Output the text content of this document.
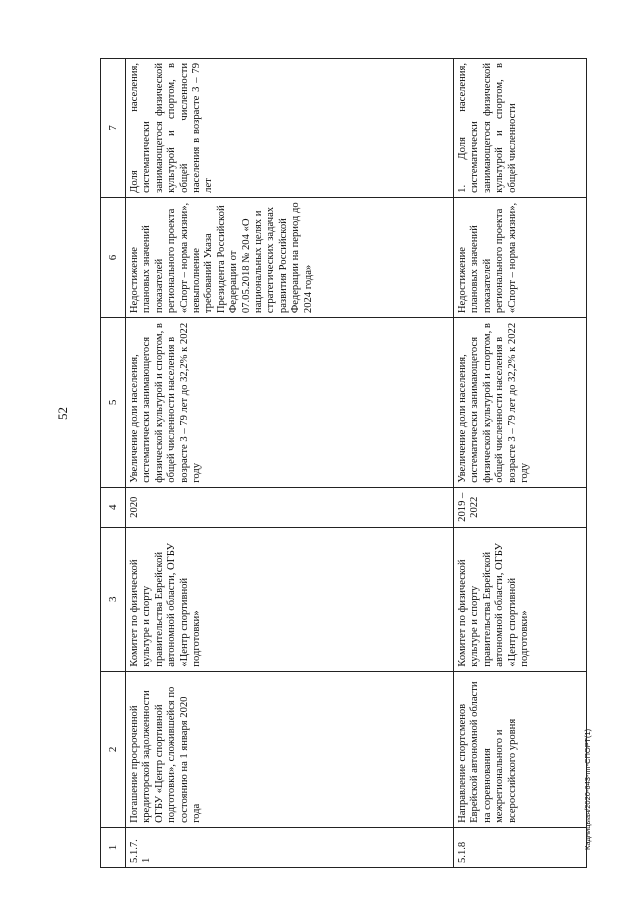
52
Кадницыая/2020-643-пп-СПОРТ(1)
1	2	3	4	5	6	7
5.1.7. 1	Погашение просроченной кредиторской задолженности ОГБУ «Центр спортивной подготовки», сложившейся по состоянию на 1 января 2020 года	Комитет по физической культуре и спорту правительства Еврейской автономной области, ОГБУ «Центр спортивной подготовки»	2020	Увеличение доли населения, систематически занимающегося физической культурой и спортом, в общей численности населения в возрасте 3 – 79 лет до 32,2% к 2022 году	Недостижение плановых значений показателей регионального проекта «Спорт – норма жизни», невыполнение требований Указа Президента Российской Федерации от 07.05.2018 № 204 «О национальных целях и стратегических задачах развития Российской Федерации на период до 2024 года»	Доля населения, систематически занимающегося физической культурой и спортом, в общей численности населения в возрасте 3 – 79 лет
5.1.8	Направление спортсменов Еврейской автономной области на соревнования межрегионального и всероссийского уровня	Комитет по физической культуре и спорту правительства Еврейской автономной области, ОГБУ «Центр спортивной подготовки»	2019 – 2022	Увеличение доли населения, систематически занимающегося физической культурой и спортом, в общей численности населения в возрасте 3 – 79 лет до 32,2% к 2022 году	Недостижение плановых значений показателей регионального проекта «Спорт – норма жизни»,	1. Доля населения, систематически занимающегося физической культурой и спортом, в общей численности
